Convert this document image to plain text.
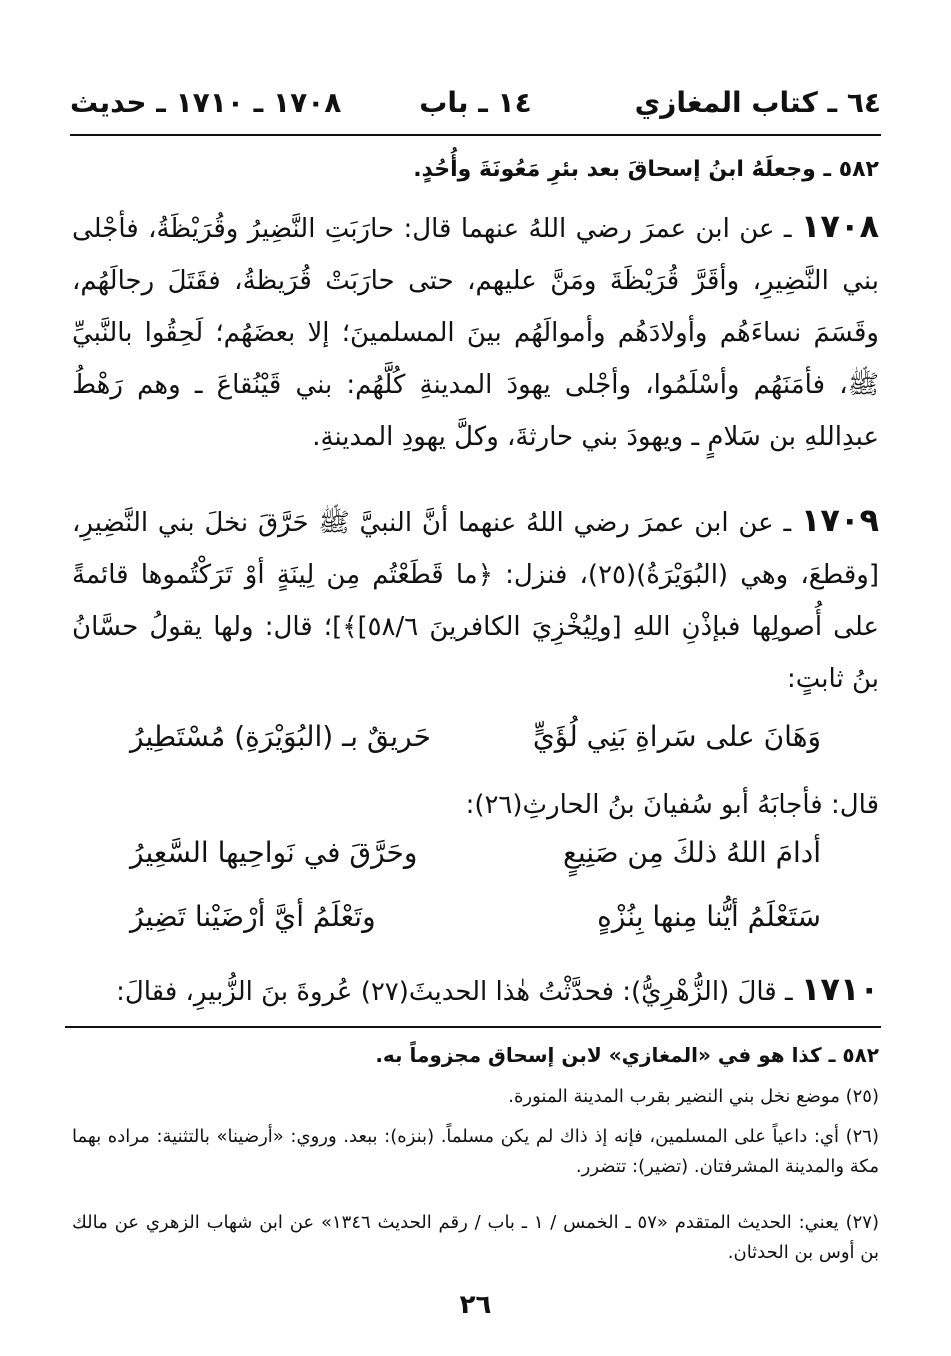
٦٤ ـ كتاب المغازي
١٤ ـ باب
١٧٠٨ ـ ١٧١٠ ـ حديث
٥٨٢ ـ وجعلَهُ ابنُ إسحاقَ بعد بئرِ مَعُونَةَ وأُحُدٍ.
١٧٠٨ ـ عن ابن عمرَ رضي اللهُ عنهما قال: حارَبَتِ النَّضِيرُ وقُرَيْظَةُ، فأجْلى بني النَّضِيرِ، وأقَرَّ قُرَيْظَةَ ومَنَّ عليهم، حتى حارَبَتْ قُرَيظةُ، فقَتَلَ رجالَهُم، وقَسَمَ نساءَهُم وأولادَهُم وأموالَهُم بينَ المسلمينَ؛ إلا بعضَهُم؛ لَحِقُوا بالنَّبيِّ ﷺ، فأمَنَهُم وأسْلَمُوا، وأجْلى يهودَ المدينةِ كُلَّهُم: بني قَيْنُقاعَ ـ وهم رَهْطُ عبدِاللهِ بن سَلامٍ ـ ويهودَ بني حارثةَ، وكلَّ يهودِ المدينةِ.
١٧٠٩ ـ عن ابن عمرَ رضي اللهُ عنهما أنَّ النبيَّ ﷺ حَرَّقَ نخلَ بني النَّضِيرِ، [وقطعَ، وهي (البُوَيْرَةُ)(٢٥)، فنزل: ﴿ما قَطَعْتُم مِن لِينَةٍ أوْ تَرَكْتُموها قائمةً على أُصولِها فبإذْنِ اللهِ [ولِيُخْزِيَ الكافرينَ ٥٨/٦]﴾]؛ قال: ولها يقولُ حسَّانُ بنُ ثابتٍ:
وَهَانَ على سَراةِ بَنِي لُؤَيٍّ
حَريقٌ بـ (البُوَيْرَةِ) مُسْتَطِيرُ
قال: فأجابَهُ أبو سُفيانَ بنُ الحارثِ(٢٦):
أدامَ اللهُ ذلكَ مِن صَنِيعٍ
وحَرَّقَ في نَواحِيها السَّعِيرُ
سَتَعْلَمُ أيُّنا مِنها بِنُزْهٍ
وتَعْلَمُ أيَّ أرْضَيْنا تَضِيرُ
١٧١٠ ـ قالَ (الزُّهْرِيُّ): فحدَّثْتُ هٰذا الحديثَ(٢٧) عُروةَ بنَ الزُّبيرِ، فقالَ:
٥٨٢ ـ كذا هو في «المغازي» لابن إسحاق مجزوماً به.
(٢٥) موضع نخل بني النضير بقرب المدينة المنورة.
(٢٦) أي: داعياً على المسلمين، فإنه إذ ذاك لم يكن مسلماً. (بنزه): ببعد. وروي: «أرضينا» بالتثنية: مراده بهما مكة والمدينة المشرفتان. (تضير): تتضرر.
(٢٧) يعني: الحديث المتقدم «٥٧ ـ الخمس / ١ ـ باب / رقم الحديث ١٣٤٦» عن ابن شهاب الزهري عن مالك بن أوس بن الحدثان.
٢٦
